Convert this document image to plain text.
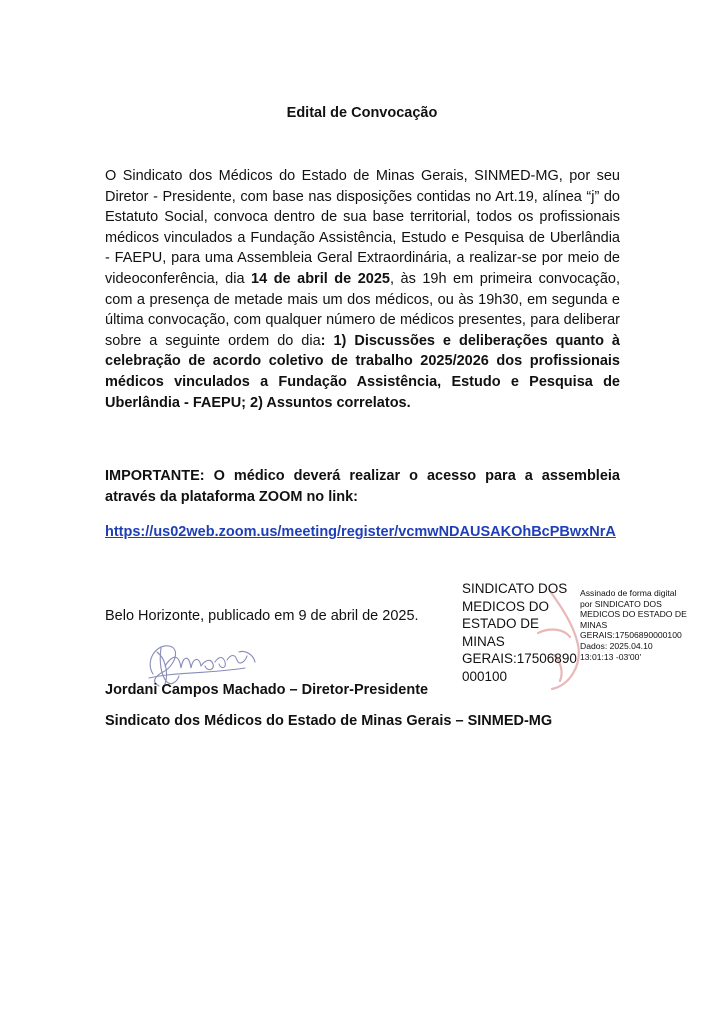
Edital de Convocação

O Sindicato dos Médicos do Estado de Minas Gerais, SINMED-MG, por seu Diretor - Presidente, com base nas disposições contidas no Art.19, alínea “j” do Estatuto Social, convoca dentro de sua base territorial, todos os profissionais médicos vinculados a Fundação Assistência, Estudo e Pesquisa de Uberlândia - FAEPU, para uma Assembleia Geral Extraordinária, a realizar-se por meio de videoconferência, dia 14 de abril de 2025, às 19h em primeira convocação, com a presença de metade mais um dos médicos, ou às 19h30, em segunda e última convocação, com qualquer número de médicos presentes, para deliberar sobre a seguinte ordem do dia: 1) Discussões e deliberações quanto à celebração de acordo coletivo de trabalho 2025/2026 dos profissionais médicos vinculados a Fundação Assistência, Estudo e Pesquisa de Uberlândia - FAEPU; 2) Assuntos correlatos.

IMPORTANTE: O médico deverá realizar o acesso para a assembleia através da plataforma ZOOM no link:
https://us02web.zoom.us/meeting/register/vcmwNDAUSAKOhBcPBwxNrA
Belo Horizonte, publicado em 9 de abril de 2025.
Jordani Campos Machado – Diretor-Presidente
Sindicato dos Médicos do Estado de Minas Gerais – SINMED-MG
SINDICATO DOS
MEDICOS DO
ESTADO DE
MINAS
GERAIS:17506890
000100
Assinado de forma digital
por SINDICATO DOS
MEDICOS DO ESTADO DE
MINAS
GERAIS:17506890000100
Dados: 2025.04.10
13:01:13 -03'00'
